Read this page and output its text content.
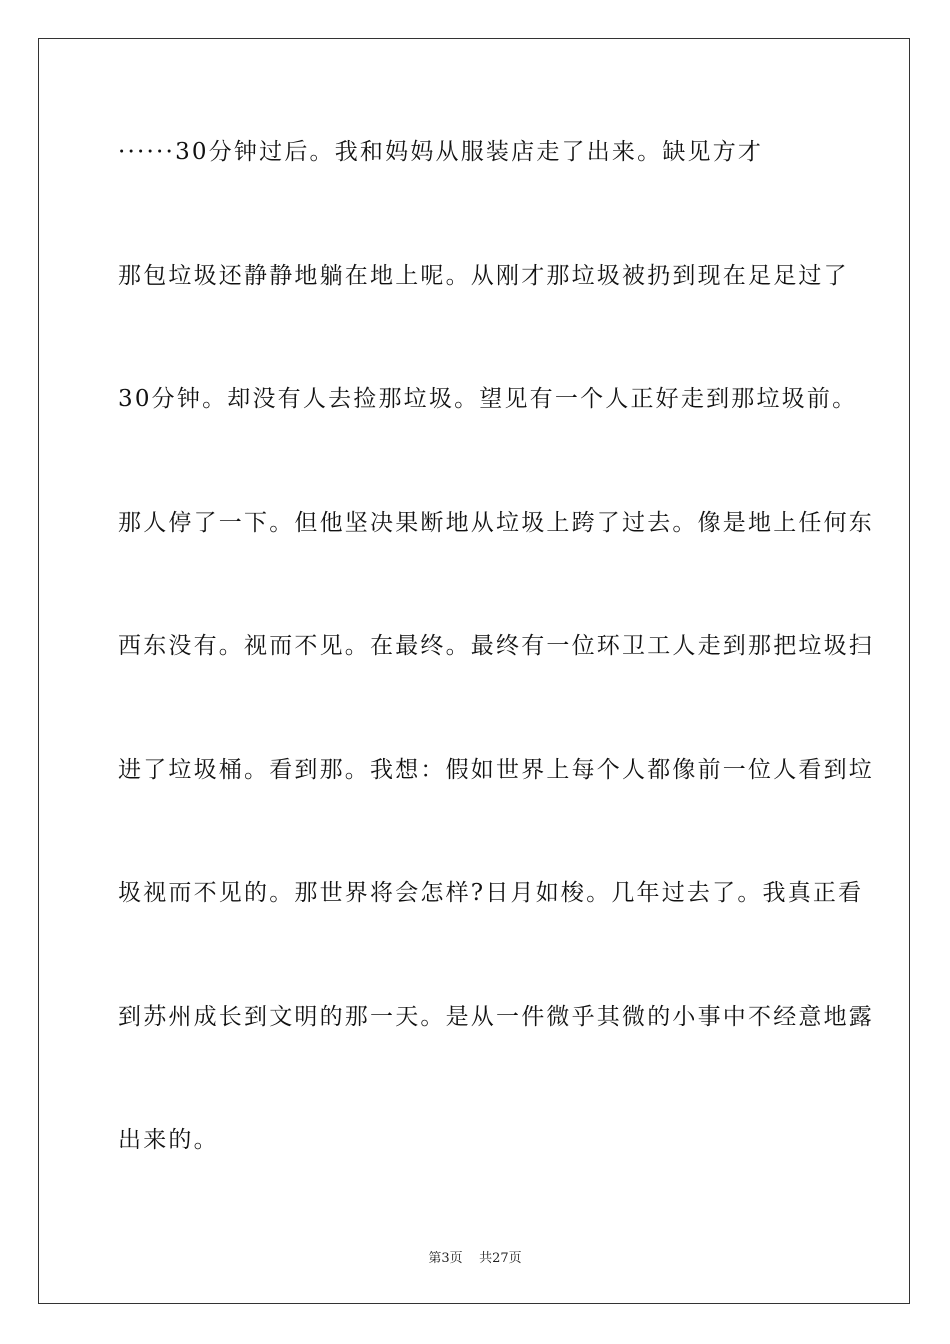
······30分钟过后。我和妈妈从服装店走了出来。缺见方才
那包垃圾还静静地躺在地上呢。从刚才那垃圾被扔到现在足足过了
30分钟。却没有人去捡那垃圾。望见有一个人正好走到那垃圾前。
那人停了一下。但他坚决果断地从垃圾上跨了过去。像是地上任何东
西东没有。视而不见。在最终。最终有一位环卫工人走到那把垃圾扫
进了垃圾桶。看到那。我想：假如世界上每个人都像前一位人看到垃
圾视而不见的。那世界将会怎样?日月如梭。几年过去了。我真正看
到苏州成长到文明的那一天。是从一件微乎其微的小事中不经意地露
出来的。
第3页    共27页
